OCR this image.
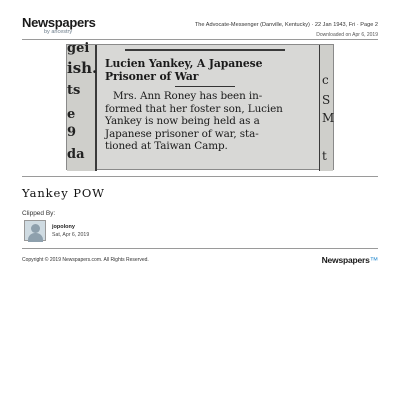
Newspapers
by ancestry
The Advocate-Messenger (Danville, Kentucky) · 22 Jan 1943, Fri · Page 2
Downloaded on Apr 6, 2019
gei
ish.
ts
e
9
da
Lucien Yankey, A Japanese
Prisoner of War
Mrs. Ann Roney has been in-
formed that her foster son, Lucien
Yankey is now being held as a
Japanese prisoner of war, sta-
tioned at Taiwan Camp.
c
S
M
t
Yankey POW
Clipped By:
jopolony
Sat, Apr 6, 2019
Copyright © 2019 Newspapers.com. All Rights Reserved.	Newspapers™
